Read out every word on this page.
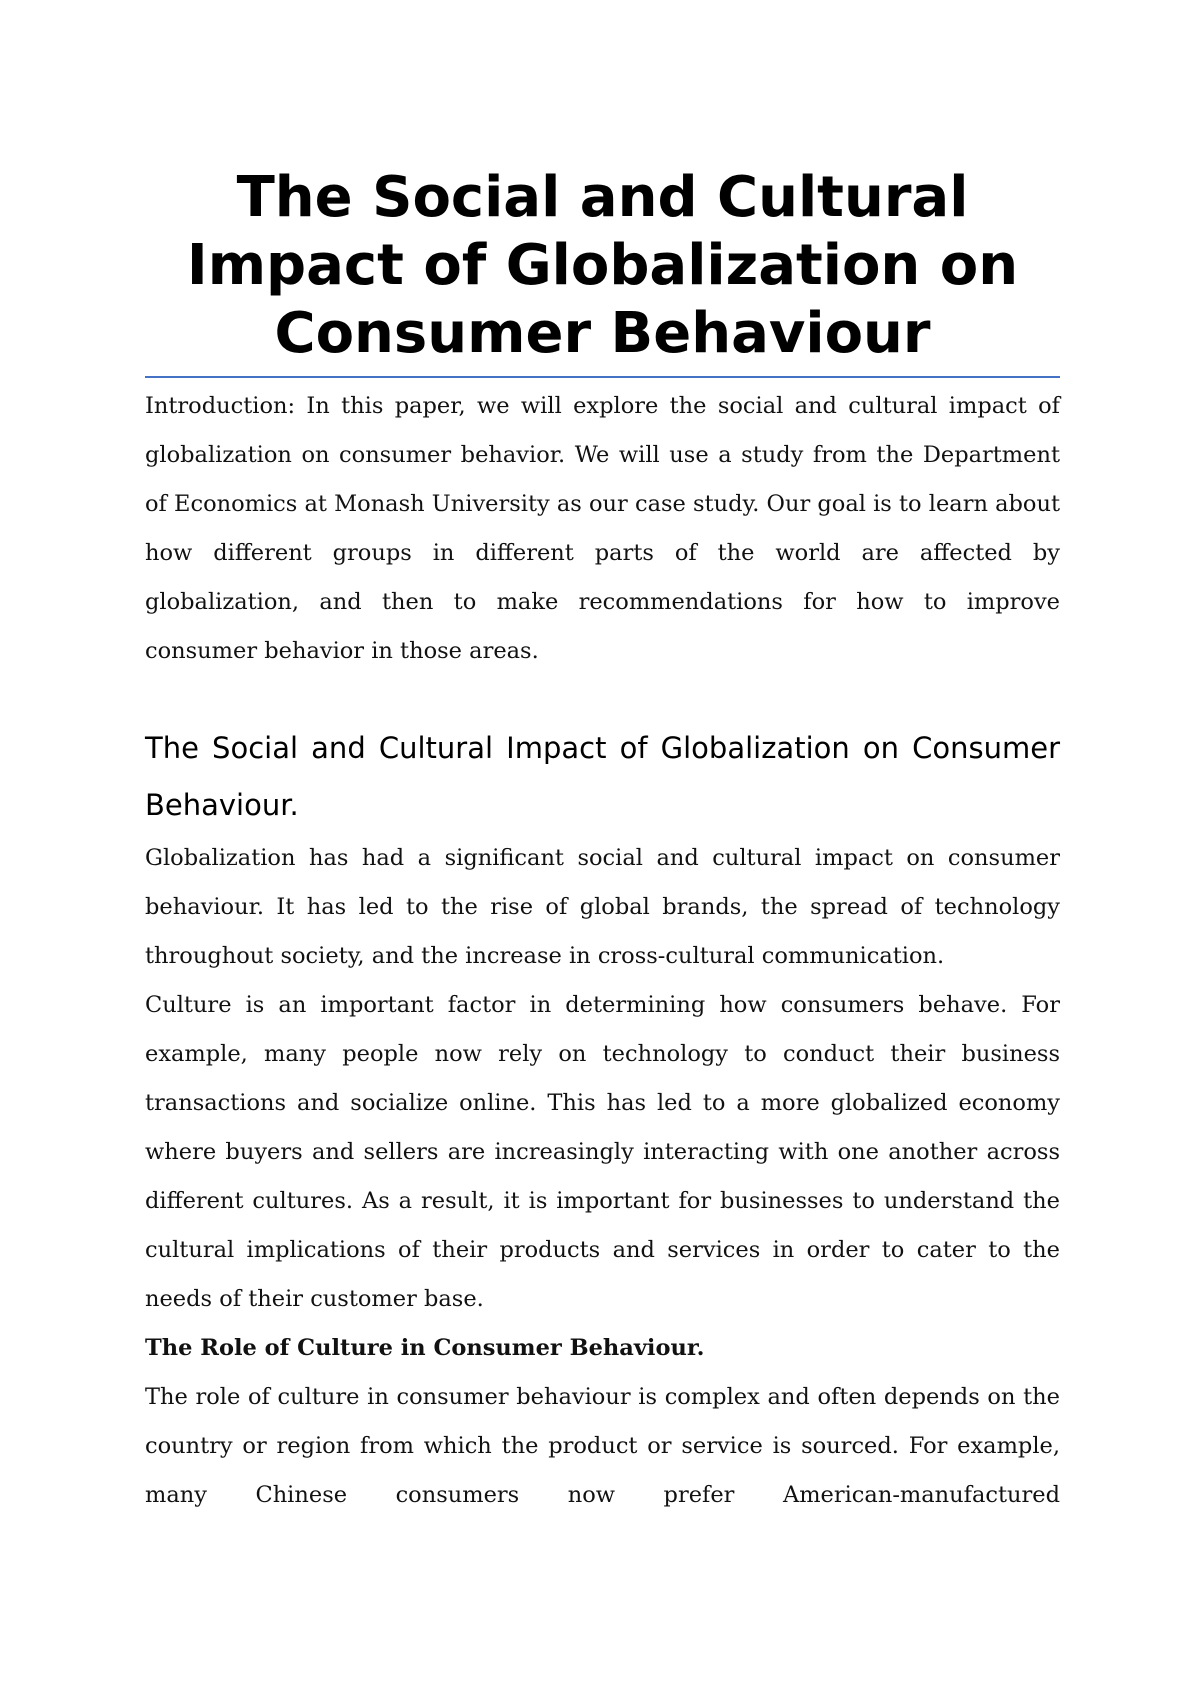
The Social and Cultural Impact of Globalization on Consumer Behaviour

Introduction: In this paper, we will explore the social and cultural impact of globalization on consumer behavior. We will use a study from the Department of Economics at Monash University as our case study. Our goal is to learn about how different groups in different parts of the world are affected by globalization, and then to make recommendations for how to improve consumer behavior in those areas.

The Social and Cultural Impact of Globalization on Consumer Behaviour.

Globalization has had a significant social and cultural impact on consumer behaviour. It has led to the rise of global brands, the spread of technology throughout society, and the increase in cross-cultural communication.

Culture is an important factor in determining how consumers behave. For example, many people now rely on technology to conduct their business transactions and socialize online. This has led to a more globalized economy where buyers and sellers are increasingly interacting with one another across different cultures. As a result, it is important for businesses to understand the cultural implications of their products and services in order to cater to the needs of their customer base.

The Role of Culture in Consumer Behaviour.

The role of culture in consumer behaviour is complex and often depends on the country or region from which the product or service is sourced. For example, many Chinese consumers now prefer American-manufactured
